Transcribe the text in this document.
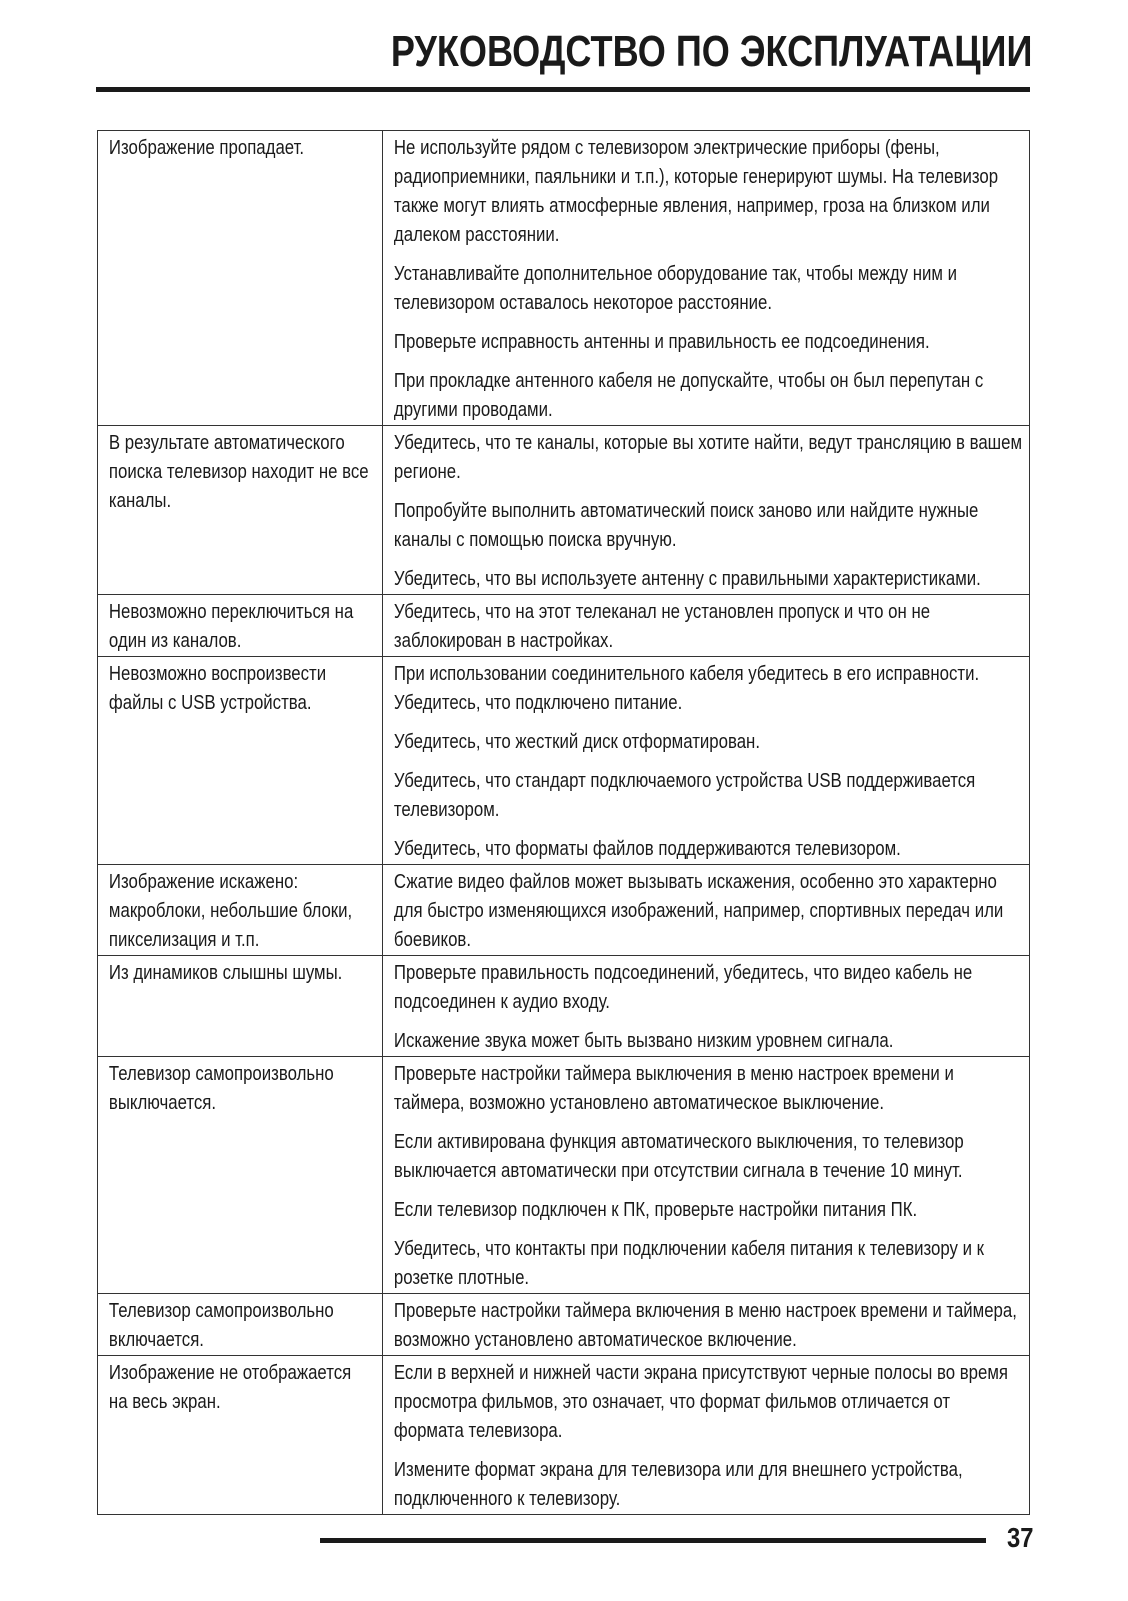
РУКОВОДСТВО ПО ЭКСПЛУАТАЦИИ
Изображение пропадает.	Не используйте рядом с телевизором электрические приборы (фены, радиоприемники, паяльники и т.п.), которые генерируют шумы. На телевизор также могут влиять атмосферные явления, например, гроза на близком или далеком расстоянии.
Устанавливайте дополнительное оборудование так, чтобы между ним и телевизором оставалось некоторое расстояние.
Проверьте исправность антенны и правильность ее подсоединения.
При прокладке антенного кабеля не допускайте, чтобы он был перепутан с другими проводами.

В результате автоматического поиска телевизор находит не все каналы.	Убедитесь, что те каналы, которые вы хотите найти, ведут трансляцию в вашем регионе.
Попробуйте выполнить автоматический поиск заново или найдите нужные каналы с помощью поиска вручную.
Убедитесь, что вы используете антенну с правильными характеристиками.

Невозможно переключиться на один из каналов.	Убедитесь, что на этот телеканал не установлен пропуск и что он не заблокирован в настройках.

Невозможно воспроизвести файлы с USB устройства.	При использовании соединительного кабеля убедитесь в его исправности. Убедитесь, что подключено питание.
Убедитесь, что жесткий диск отформатирован.
Убедитесь, что стандарт подключаемого устройства USB поддерживается телевизором.
Убедитесь, что форматы файлов поддерживаются телевизором.

Изображение искажено: макроблоки, небольшие блоки, пикселизация и т.п.	Сжатие видео файлов может вызывать искажения, особенно это характерно для быстро изменяющихся изображений, например, спортивных передач или боевиков.

Из динамиков слышны шумы.	Проверьте правильность подсоединений, убедитесь, что видео кабель не подсоединен к аудио входу.
Искажение звука может быть вызвано низким уровнем сигнала.

Телевизор самопроизвольно выключается.	Проверьте настройки таймера выключения в меню настроек времени и таймера, возможно установлено автоматическое выключение.
Если активирована функция автоматического выключения, то телевизор выключается автоматически при отсутствии сигнала в течение 10 минут.
Если телевизор подключен к ПК, проверьте настройки питания ПК.
Убедитесь, что контакты при подключении кабеля питания к телевизору и к розетке плотные.

Телевизор самопроизвольно включается.	Проверьте настройки таймера включения в меню настроек времени и таймера, возможно установлено автоматическое включение.

Изображение не отображается на весь экран.	Если в верхней и нижней части экрана присутствуют черные полосы во время просмотра фильмов, это означает, что формат фильмов отличается от формата телевизора.
Измените формат экрана для телевизора или для внешнего устройства, подключенного к телевизору.
37
